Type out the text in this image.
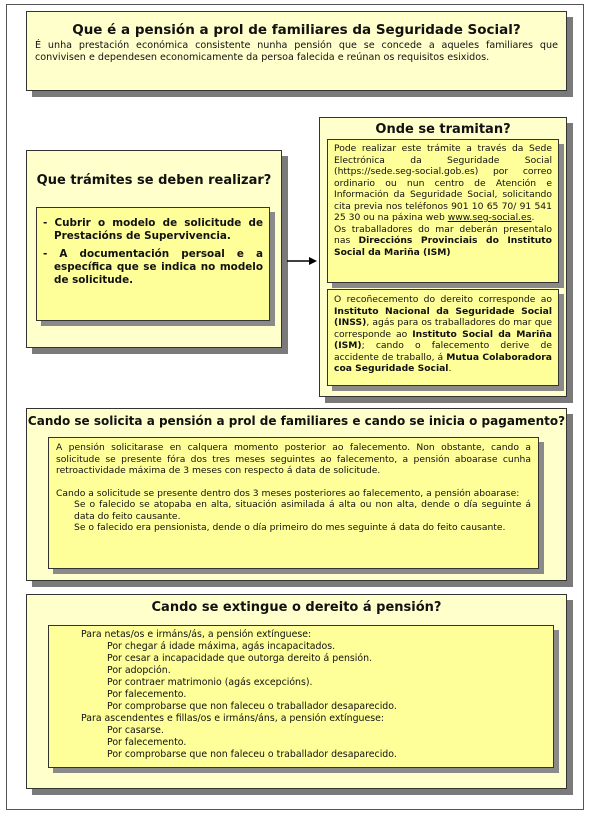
Que é a pensión a prol de familiares da Seguridade Social?
É unha prestación económica consistente nunha pensión que se concede a aqueles familiares que convivisen e dependesen economicamente da persoa falecida e reúnan os requisitos esixidos.
Que trámites se deben realizar?
- Cubrir o modelo de solicitude de Prestacións de Supervivencia.
- A documentación persoal e a específica que se indica no modelo de solicitude.
Onde se tramitan?
Pode realizar este trámite a través da Sede Electrónica da Seguridade Social (https://sede.seg-social.gob.es) por correo ordinario ou nun centro de Atención e Información da Seguridade Social, solicitando cita previa nos teléfonos 901 10 65 70/ 91 541 25 30 ou na páxina web www.seg-social.es.
Os traballadores do mar deberán presentalo nas Direccións Provinciais do Instituto Social da Mariña (ISM)
O recoñecemento do dereito corresponde ao Instituto Nacional da Seguridade Social (INSS), agás para os traballadores do mar que corresponde ao Instituto Social da Mariña (ISM); cando o falecemento derive de accidente de traballo, á Mutua Colaboradora coa Seguridade Social.
Cando se solicita a pensión a prol de familiares e cando se inicia o pagamento?
A pensión solicitarase en calquera momento posterior ao falecemento. Non obstante, cando a solicitude se presente fóra dos tres meses seguintes ao falecemento, a pensión aboarase cunha retroactividade máxima de 3 meses con respecto á data de solicitude.
Cando a solicitude se presente dentro dos 3 meses posteriores ao falecemento, a pensión aboarase:
Se o falecido se atopaba en alta, situación asimilada á alta ou non alta, dende o día seguinte á data do feito causante.
Se o falecido era pensionista, dende o día primeiro do mes seguinte á data do feito causante.
Cando se extingue o dereito á pensión?
Para netas/os e irmáns/ás, a pensión extínguese:
Por chegar á idade máxima, agás incapacitados.
Por cesar a incapacidade que outorga dereito á pensión.
Por adopción.
Por contraer matrimonio (agás excepcións).
Por falecemento.
Por comprobarse que non faleceu o traballador desaparecido.
Para ascendentes e fillas/os e irmáns/áns, a pensión extínguese:
Por casarse.
Por falecemento.
Por comprobarse que non faleceu o traballador desaparecido.
